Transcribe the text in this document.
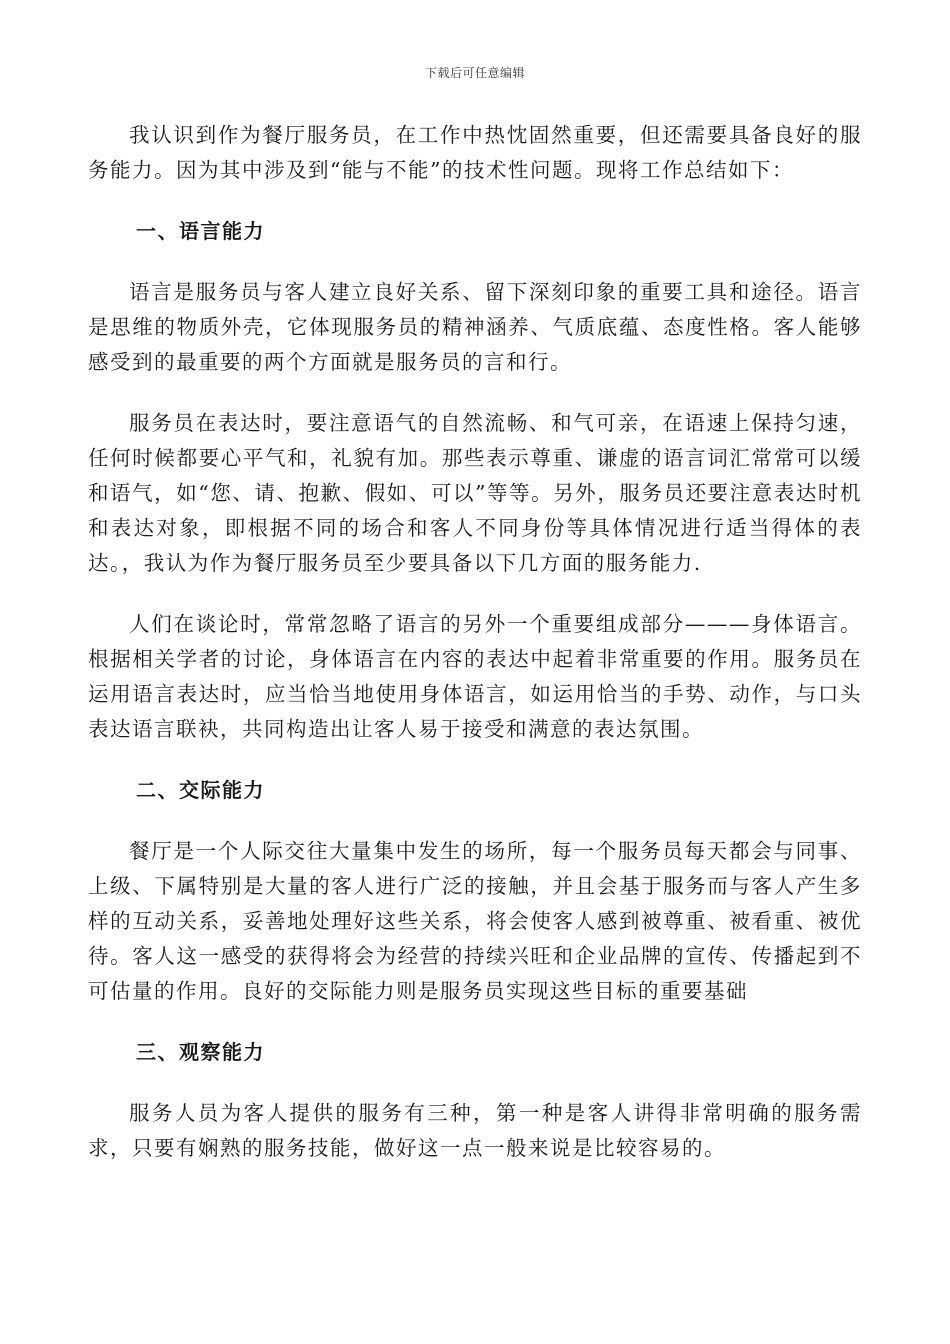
下载后可任意编辑

我认识到作为餐厅服务员，在工作中热忱固然重要，但还需要具备良好的服务能力。因为其中涉及到“能与不能”的技术性问题。现将工作总结如下：

一、语言能力

语言是服务员与客人建立良好关系、留下深刻印象的重要工具和途径。语言是思维的物质外壳，它体现服务员的精神涵养、气质底蕴、态度性格。客人能够感受到的最重要的两个方面就是服务员的言和行。

服务员在表达时，要注意语气的自然流畅、和气可亲，在语速上保持匀速，任何时候都要心平气和，礼貌有加。那些表示尊重、谦虚的语言词汇常常可以缓和语气，如“您、请、抱歉、假如、可以”等等。另外，服务员还要注意表达时机和表达对象，即根据不同的场合和客人不同身份等具体情况进行适当得体的表达。，我认为作为餐厅服务员至少要具备以下几方面的服务能力.

人们在谈论时，常常忽略了语言的另外一个重要组成部分———身体语言。根据相关学者的讨论，身体语言在内容的表达中起着非常重要的作用。服务员在运用语言表达时，应当恰当地使用身体语言，如运用恰当的手势、动作，与口头表达语言联袂，共同构造出让客人易于接受和满意的表达氛围。

二、交际能力

餐厅是一个人际交往大量集中发生的场所，每一个服务员每天都会与同事、上级、下属特别是大量的客人进行广泛的接触，并且会基于服务而与客人产生多样的互动关系，妥善地处理好这些关系，将会使客人感到被尊重、被看重、被优待。客人这一感受的获得将会为经营的持续兴旺和企业品牌的宣传、传播起到不可估量的作用。良好的交际能力则是服务员实现这些目标的重要基础

三、观察能力

服务人员为客人提供的服务有三种，第一种是客人讲得非常明确的服务需求，只要有娴熟的服务技能，做好这一点一般来说是比较容易的。
